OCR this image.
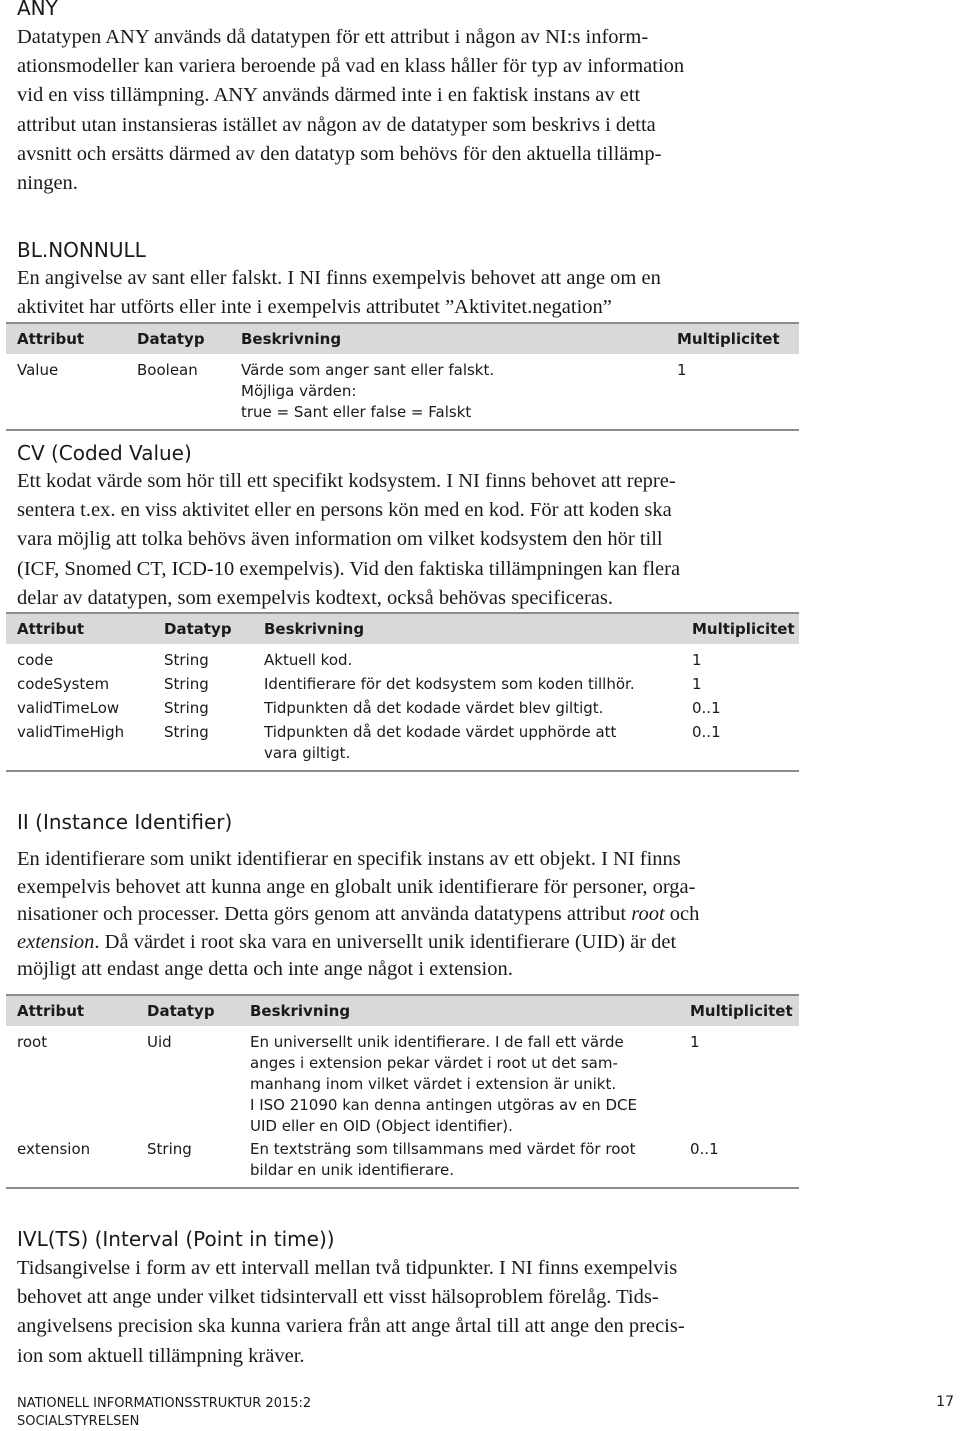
ANY

Datatypen ANY används då datatypen för ett attribut i någon av NI:s inform-
ationsmodeller kan variera beroende på vad en klass håller för typ av information
vid en viss tillämpning. ANY används därmed inte i en faktisk instans av ett
attribut utan instansieras istället av någon av de datatyper som beskrivs i detta
avsnitt och ersätts därmed av den datatyp som behövs för den aktuella tillämp-
ningen.

BL.NONNULL

En angivelse av sant eller falskt. I NI finns exempelvis behovet att ange om en
aktivitet har utförts eller inte i exempelvis attributet ”Aktivitet.negation”

Attribut	Datatyp	Beskrivning	Multiplicitet
Value	Boolean	Värde som anger sant eller falskt.
Möjliga värden:
true = Sant eller false = Falskt	1
CV (Coded Value)

Ett kodat värde som hör till ett specifikt kodsystem. I NI finns behovet att repre-
sentera t.ex. en viss aktivitet eller en persons kön med en kod. För att koden ska
vara möjlig att tolka behövs även information om vilket kodsystem den hör till
(ICF, Snomed CT, ICD-10 exempelvis). Vid den faktiska tillämpningen kan flera
delar av datatypen, som exempelvis kodtext, också behövas specificeras.

Attribut	Datatyp	Beskrivning	Multiplicitet
code	String	Aktuell kod.	1
codeSystem	String	Identifierare för det kodsystem som koden tillhör.	1
validTimeLow	String	Tidpunkten då det kodade värdet blev giltigt.	0..1
validTimeHigh	String	Tidpunkten då det kodade värdet upphörde att
vara giltigt.	0..1
II (Instance Identifier)

En identifierare som unikt identifierar en specifik instans av ett objekt. I NI finns
exempelvis behovet att kunna ange en globalt unik identifierare för personer, orga-
nisationer och processer. Detta görs genom att använda datatypens attribut root och
extension. Då värdet i root ska vara en universellt unik identifierare (UID) är det
möjligt att endast ange detta och inte ange något i extension.

Attribut	Datatyp	Beskrivning	Multiplicitet
root	Uid	En universellt unik identifierare. I de fall ett värde
anges i extension pekar värdet i root ut det sam-
manhang inom vilket värdet i extension är unikt.
I ISO 21090 kan denna antingen utgöras av en DCE
UID eller en OID (Object identifier).	1
extension	String	En textsträng som tillsammans med värdet för root
bildar en unik identifierare.	0..1
IVL(TS) (Interval (Point in time))

Tidsangivelse i form av ett intervall mellan två tidpunkter. I NI finns exempelvis
behovet att ange under vilket tidsintervall ett visst hälsoproblem förelåg. Tids-
angivelsens precision ska kunna variera från att ange årtal till att ange den precis-
ion som aktuell tillämpning kräver.

NATIONELL INFORMATIONSSTRUKTUR 2015:2
SOCIALSTYRELSEN
17
